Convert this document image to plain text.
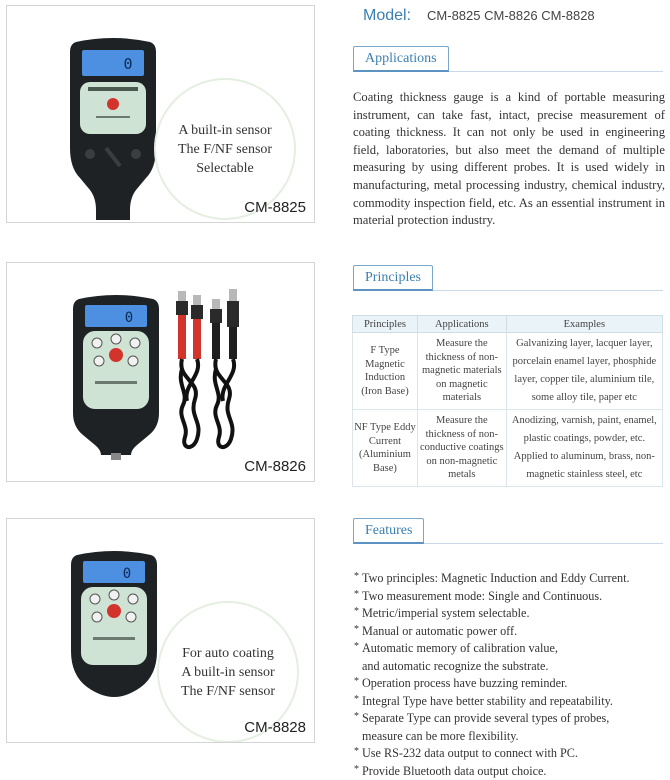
0
A built-in sensor
The F/NF sensor
Selectable
CM-8825
0
CM-8826
0
For auto coating
A built-in sensor
The F/NF sensor
CM-8828
Model: CM-8825 CM-8826 CM-8828
Applications

Coating thickness gauge is a kind of portable measuring instrument, can take fast, intact, precise measurement of coating thickness. It can not only be used in engineering field, laboratories, but also meet the demand of multiple measuring by using different probes. It is used widely in manufacturing, metal processing industry, chemical industry, commodity inspection field, etc. As an essential instrument in material protection industry.

Principles
Principles	Applications	Examples
F Type Magnetic Induction (Iron Base)	Measure the thickness of non-magnetic materials on magnetic materials	Galvanizing layer, lacquer layer, porcelain enamel layer, phosphide layer, copper tile, aluminium tile, some alloy tile, paper etc
NF Type Eddy Current (Aluminium Base)	Measure the thickness of non-conductive coatings on non-magnetic metals	Anodizing, varnish, paint, enamel, plastic coatings, powder, etc. Applied to aluminum, brass, non-magnetic stainless steel, etc
Features
* Two principles: Magnetic Induction and Eddy Current.
* Two measurement mode: Single and Continuous.
* Metric/imperial system selectable.
* Manual or automatic power off.
* Automatic memory of calibration value,
and automatic recognize the substrate.
* Operation process have buzzing reminder.
* Integral Type have better stability and repeatability.
* Separate Type can provide several types of probes,
measure can be more flexibility.
* Use RS-232 data output to connect with PC.
* Provide Bluetooth data output choice.
